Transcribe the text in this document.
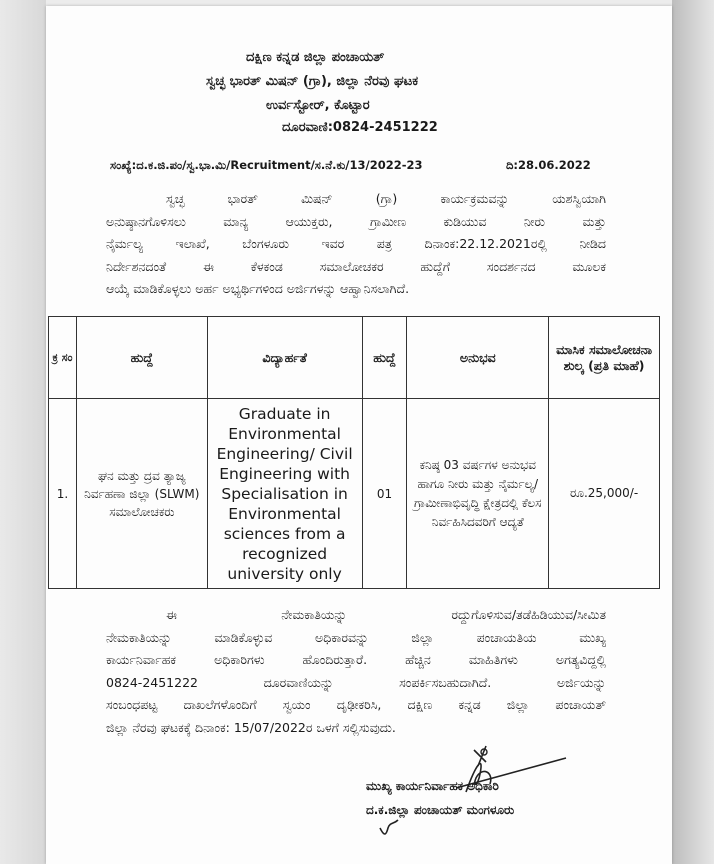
ದಕ್ಷಿಣ ಕನ್ನಡ ಜಿಲ್ಲಾ ಪಂಚಾಯತ್
ಸ್ವಚ್ಛ ಭಾರತ್ ಮಿಷನ್ (ಗ್ರಾ), ಜಿಲ್ಲಾ ನೆರವು ಘಟಕ
ಉರ್ವಸ್ಟೋರ್, ಕೊಟ್ಟಾರ
ದೂರವಾಣಿ:0824-2451222
ಸಂಖ್ಯೆ:ದ.ಕ.ಜಿ.ಪಂ/ಸ್ವ.ಭಾ.ಮಿ/Recruitment/ಸ.ನೆ.ಕು/13/2022-23	ದಿ:28.06.2022
ಸ್ವಚ್ಛ ಭಾರತ್ ಮಿಷನ್ (ಗ್ರಾ) ಕಾರ್ಯಕ್ರಮವನ್ನು ಯಶಸ್ವಿಯಾಗಿ
ಅನುಷ್ಠಾನಗೊಳಿಸಲು ಮಾನ್ಯ ಆಯುಕ್ತರು, ಗ್ರಾಮೀಣ ಕುಡಿಯುವ ನೀರು ಮತ್ತು
ನೈರ್ಮಲ್ಯ ಇಲಾಖೆ, ಬೆಂಗಳೂರು ಇವರ ಪತ್ರ ದಿನಾಂಕ:22.12.2021ರಲ್ಲಿ ನೀಡಿದ
ನಿರ್ದೇಶನದಂತೆ ಈ ಕೆಳಕಂಡ ಸಮಾಲೋಚಕರ ಹುದ್ದೆಗೆ ಸಂದರ್ಶನದ ಮೂಲಕ
ಆಯ್ಕೆ ಮಾಡಿಕೊಳ್ಳಲು ಅರ್ಹ ಅಭ್ಯರ್ಥಿಗಳಿಂದ ಅರ್ಜಿಗಳನ್ನು ಆಹ್ವಾನಿಸಲಾಗಿದೆ.
ಕ್ರ ಸಂ	ಹುದ್ದೆ	ವಿದ್ಯಾರ್ಹತೆ	ಹುದ್ದೆ	ಅನುಭವ	ಮಾಸಿಕ ಸಮಾಲೋಚನಾ ಶುಲ್ಕ (ಪ್ರತಿ ಮಾಹೆ)
1.	ಘನ ಮತ್ತು ದ್ರವ ತ್ಯಾಜ್ಯ ನಿರ್ವಹಣಾ ಜಿಲ್ಲಾ (SLWM) ಸಮಾಲೋಚಕರು	Graduate in Environmental Engineering/ Civil Engineering with Specialisation in Environmental sciences from a recognized university only	01	ಕನಿಷ್ಠ 03 ವರ್ಷಗಳ ಅನುಭವ ಹಾಗೂ ನೀರು ಮತ್ತು ನೈರ್ಮಲ್ಯ/ ಗ್ರಾಮೀಣಾಭಿವೃದ್ಧಿ ಕ್ಷೇತ್ರದಲ್ಲಿ ಕೆಲಸ ನಿರ್ವಹಿಸಿದವರಿಗೆ ಆದ್ಯತೆ	ರೂ.25,000/-
ಈ ನೇಮಕಾತಿಯನ್ನು ರದ್ದುಗೊಳಿಸುವ/ತಡೆಹಿಡಿಯುವ/ಸೀಮಿತ
ನೇಮಕಾತಿಯನ್ನು ಮಾಡಿಕೊಳ್ಳುವ ಅಧಿಕಾರವನ್ನು ಜಿಲ್ಲಾ ಪಂಚಾಯತಿಯ ಮುಖ್ಯ
ಕಾರ್ಯನಿರ್ವಾಹಕ ಅಧಿಕಾರಿಗಳು ಹೊಂದಿರುತ್ತಾರೆ. ಹೆಚ್ಚಿನ ಮಾಹಿತಿಗಳು ಅಗತ್ಯವಿದ್ದಲ್ಲಿ
0824-2451222 ದೂರವಾಣಿಯನ್ನು ಸಂಪರ್ಕಿಸಬಹುದಾಗಿದೆ. ಅರ್ಜಿಯನ್ನು
ಸಂಬಂಧಪಟ್ಟ ದಾಖಲೆಗಳೊಂದಿಗೆ ಸ್ವಯಂ ದೃಢೀಕರಿಸಿ, ದಕ್ಷಿಣ ಕನ್ನಡ ಜಿಲ್ಲಾ ಪಂಚಾಯತ್
ಜಿಲ್ಲಾ ನೆರವು ಘಟಕಕ್ಕೆ ದಿನಾಂಕ: 15/07/2022ರ ಒಳಗೆ ಸಲ್ಲಿಸುವುದು.
ಮುಖ್ಯ ಕಾರ್ಯನಿರ್ವಾಹಕ ಅಧಿಕಾರಿ
ದ.ಕ.ಜಿಲ್ಲಾ ಪಂಚಾಯತ್ ಮಂಗಳೂರು
